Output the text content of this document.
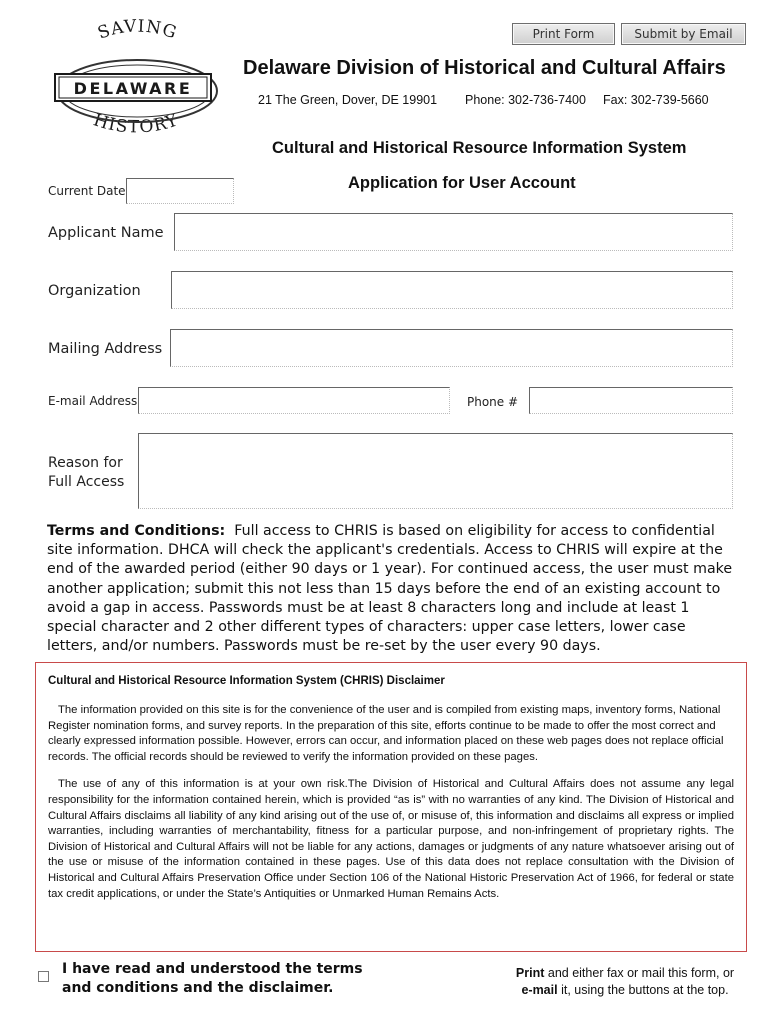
Print Form	Submit by Email
SAVING
HISTORY
DELAWARE
Delaware Division of Historical and Cultural Affairs
21 The Green, Dover, DE 19901 Phone: 302-736-7400 Fax: 302-739-5660
Cultural and Historical Resource Information System
Application for User Account
Current Date
Applicant Name
Organization
Mailing Address
E-mail Address	Phone #
Reason for
Full Access
Terms and Conditions: Full access to CHRIS is based on eligibility for access to confidential site information. DHCA will check the applicant's credentials. Access to CHRIS will expire at the end of the awarded period (either 90 days or 1 year). For continued access, the user must make another application; submit this not less than 15 days before the end of an existing account to avoid a gap in access. Passwords must be at least 8 characters long and include at least 1 special character and 2 other different types of characters: upper case letters, lower case letters, and/or numbers. Passwords must be re-set by the user every 90 days.
Cultural and Historical Resource Information System (CHRIS) Disclaimer
The information provided on this site is for the convenience of the user and is compiled from existing maps, inventory forms, National Register nomination forms, and survey reports. In the preparation of this site, efforts continue to be made to offer the most correct and clearly expressed information possible. However, errors can occur, and information placed on these web pages does not replace official records. The official records should be reviewed to verify the information provided on these pages.
The use of any of this information is at your own risk.The Division of Historical and Cultural Affairs does not assume any legal responsibility for the information contained herein, which is provided “as is” with no warranties of any kind. The Division of Historical and Cultural Affairs disclaims all liability of any kind arising out of the use of, or misuse of, this information and disclaims all express or implied warranties, including warranties of merchantability, fitness for a particular purpose, and non-infringement of proprietary rights. The Division of Historical and Cultural Affairs will not be liable for any actions, damages or judgments of any nature whatsoever arising out of the use or misuse of the information contained in these pages. Use of this data does not replace consultation with the Division of Historical and Cultural Affairs Preservation Office under Section 106 of the National Historic Preservation Act of 1966, for federal or state tax credit applications, or under the State’s Antiquities or Unmarked Human Remains Acts.
I have read and understood the terms and conditions and the disclaimer.
Print and either fax or mail this form, or
e-mail it, using the buttons at the top.
